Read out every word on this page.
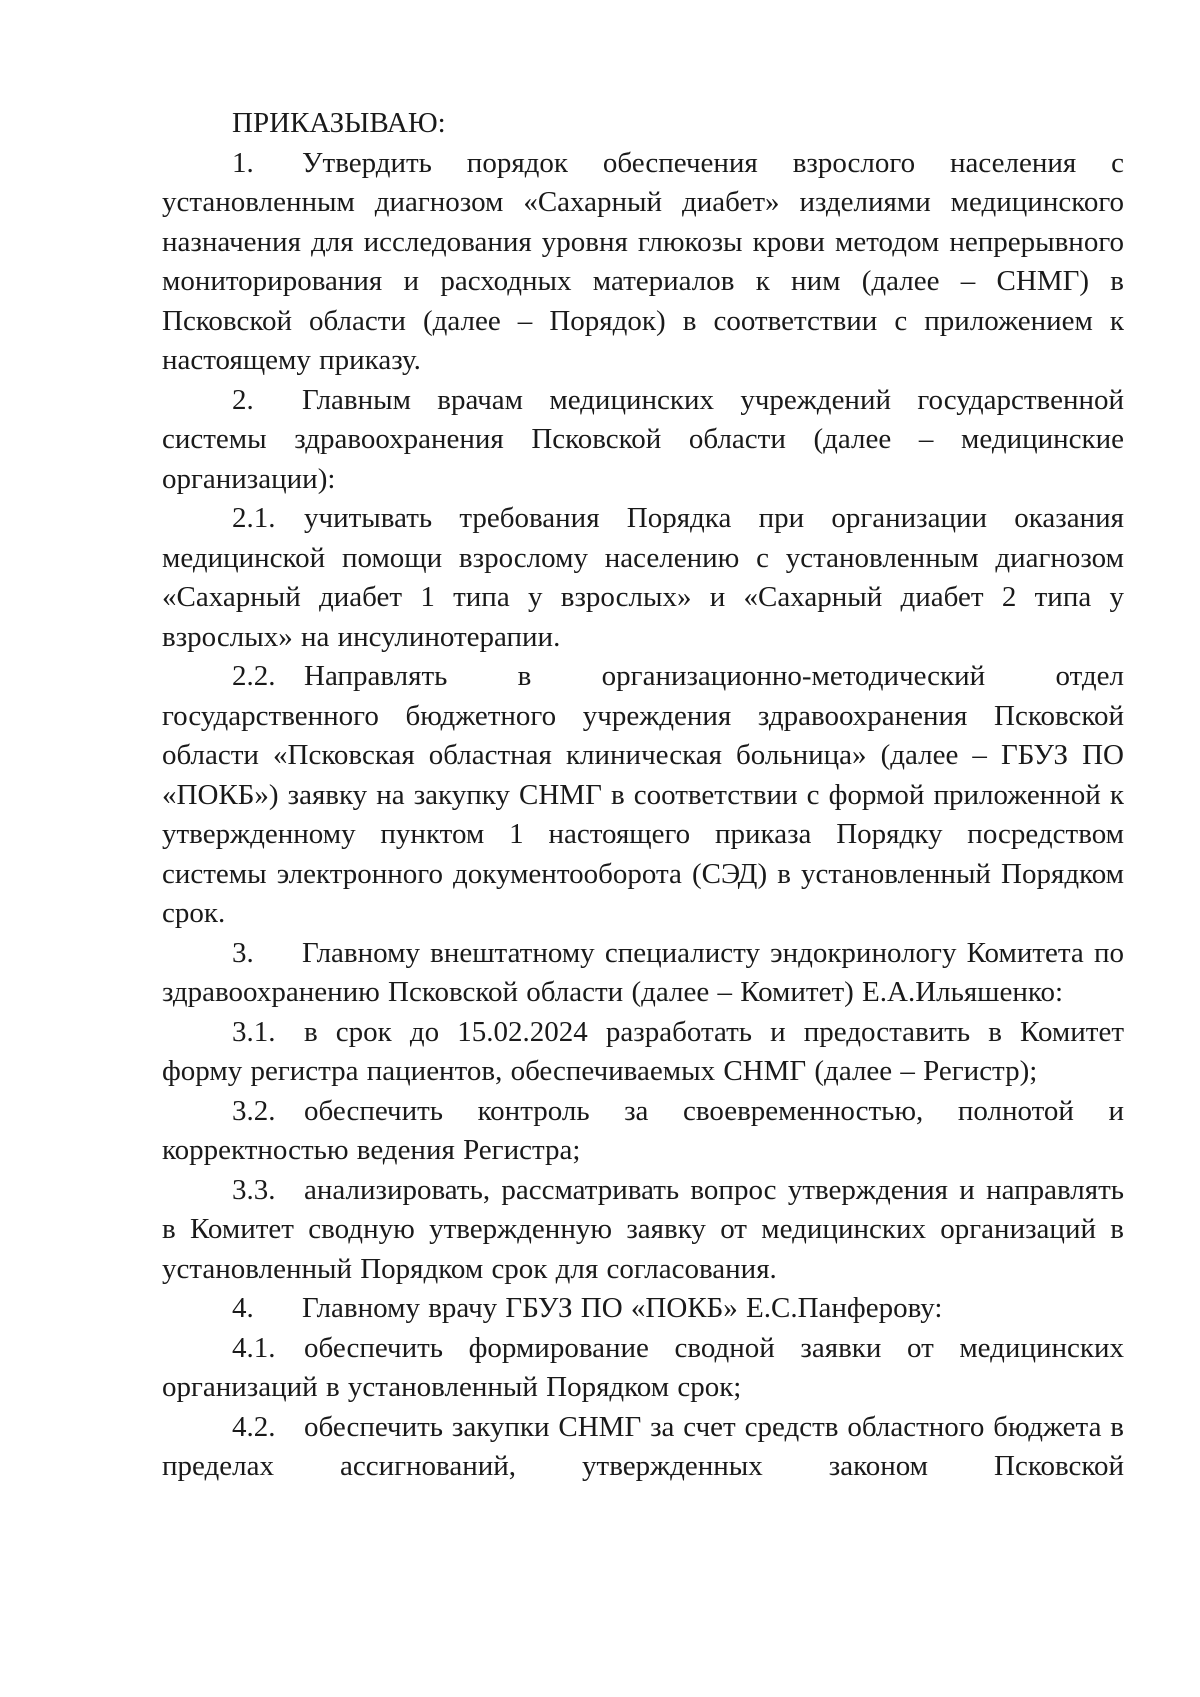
ПРИКАЗЫВАЮ:

1. Утвердить порядок обеспечения взрослого населения с установленным диагнозом «Сахарный диабет» изделиями медицинского назначения для исследования уровня глюкозы крови методом непрерывного мониторирования и расходных материалов к ним (далее – СНМГ) в Псковской области (далее – Порядок) в соответствии с приложением к настоящему приказу.

2. Главным врачам медицинских учреждений государственной системы здравоохранения Псковской области (далее – медицинские организации):

2.1. учитывать требования Порядка при организации оказания медицинской помощи взрослому населению с установленным диагнозом «Сахарный диабет 1 типа у взрослых» и «Сахарный диабет 2 типа у взрослых» на инсулинотерапии.

2.2. Направлять в организационно-методический отдел государственного бюджетного учреждения здравоохранения Псковской области «Псковская областная клиническая больница» (далее – ГБУЗ ПО «ПОКБ») заявку на закупку СНМГ в соответствии с формой приложенной к утвержденному пунктом 1 настоящего приказа Порядку посредством системы электронного документооборота (СЭД) в установленный Порядком срок.

3. Главному внештатному специалисту эндокринологу Комитета по здравоохранению Псковской области (далее – Комитет) Е.А.Ильяшенко:

3.1. в срок до 15.02.2024 разработать и предоставить в Комитет форму регистра пациентов, обеспечиваемых СНМГ (далее – Регистр);

3.2. обеспечить контроль за своевременностью, полнотой и корректностью ведения Регистра;

3.3. анализировать, рассматривать вопрос утверждения и направлять в Комитет сводную утвержденную заявку от медицинских организаций в установленный Порядком срок для согласования.

4. Главному врачу ГБУЗ ПО «ПОКБ» Е.С.Панферову:

4.1. обеспечить формирование сводной заявки от медицинских организаций в установленный Порядком срок;

4.2. обеспечить закупки СНМГ за счет средств областного бюджета в пределах ассигнований, утвержденных законом Псковской
